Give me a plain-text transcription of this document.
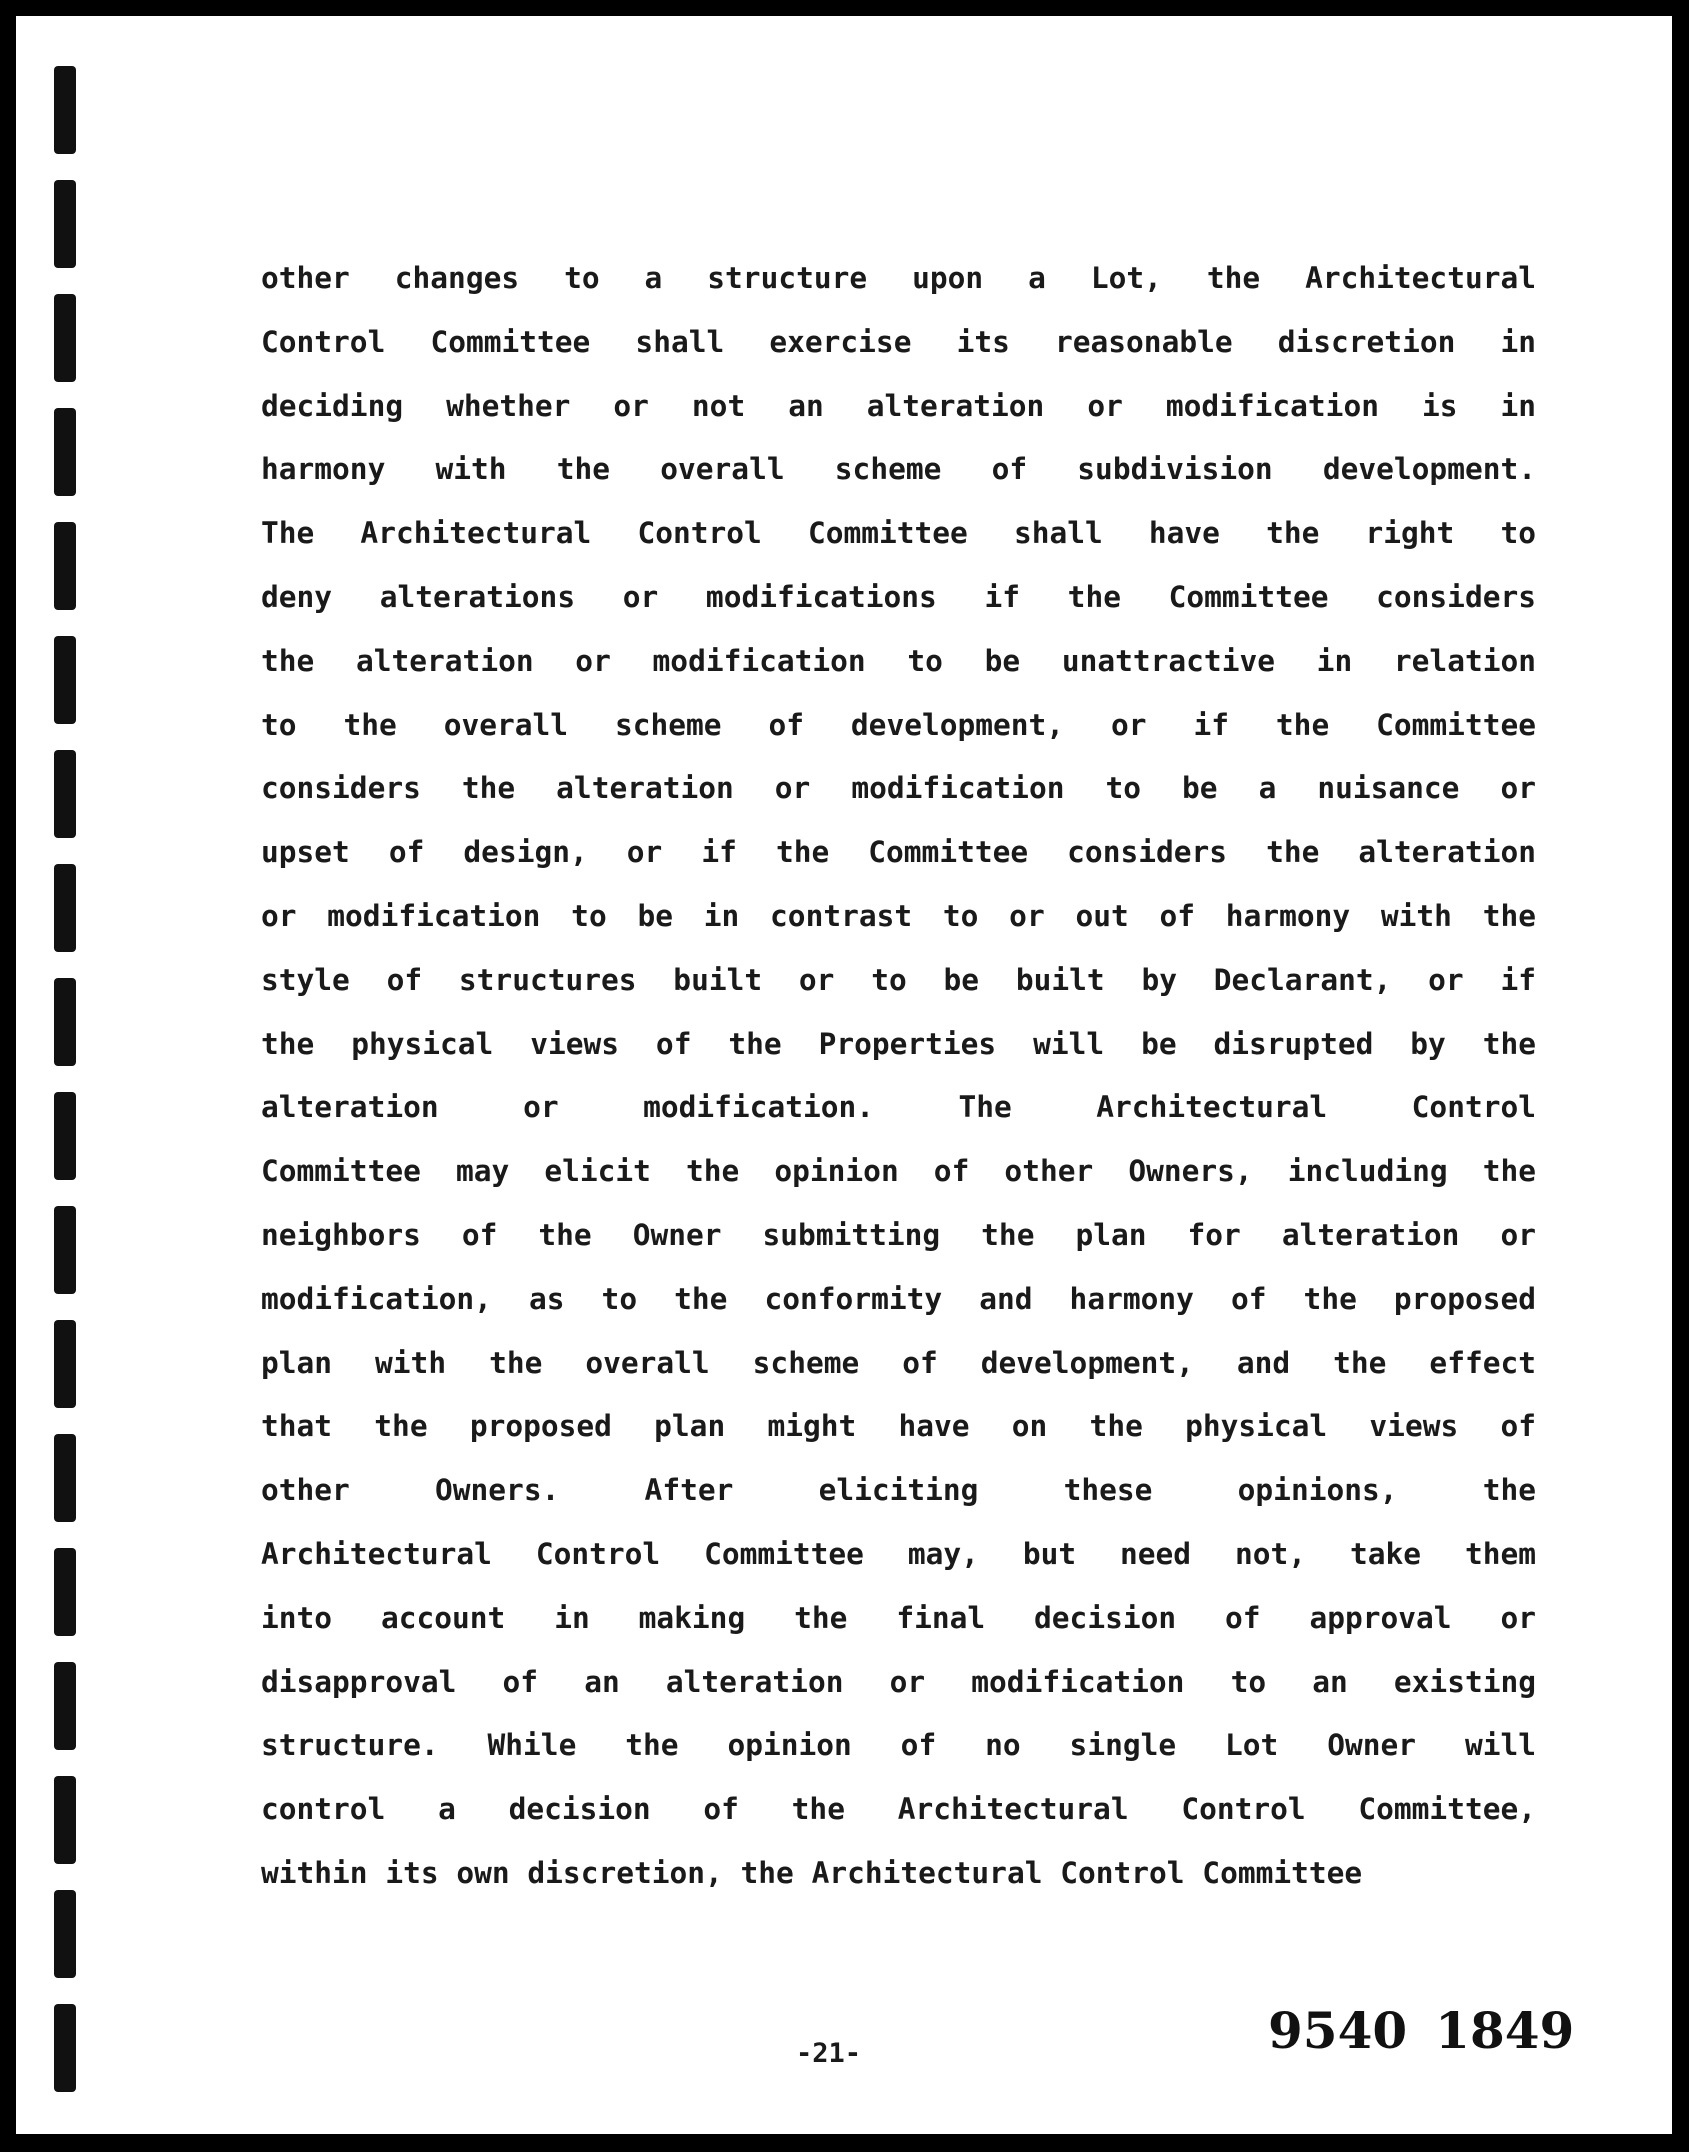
other changes to a structure upon a Lot, the Architectural
Control Committee shall exercise its reasonable discretion in
deciding whether or not an alteration or modification is in
harmony with the overall scheme of subdivision development.
The Architectural Control Committee shall have the right to
deny alterations or modifications if the Committee considers
the alteration or modification to be unattractive in relation
to the overall scheme of development, or if the Committee
considers the alteration or modification to be a nuisance or
upset of design, or if the Committee considers the alteration
or modification to be in contrast to or out of harmony with the
style of structures built or to be built by Declarant, or if
the physical views of the Properties will be disrupted by the
alteration or modification. The Architectural Control
Committee may elicit the opinion of other Owners, including the
neighbors of the Owner submitting the plan for alteration or
modification, as to the conformity and harmony of the proposed
plan with the overall scheme of development, and the effect
that the proposed plan might have on the physical views of
other Owners. After eliciting these opinions, the
Architectural Control Committee may, but need not, take them
into account in making the final decision of approval or
disapproval of an alteration or modification to an existing
structure. While the opinion of no single Lot Owner will
control a decision of the Architectural Control Committee,
within its own discretion, the Architectural Control Committee
-21-	9540 1849
